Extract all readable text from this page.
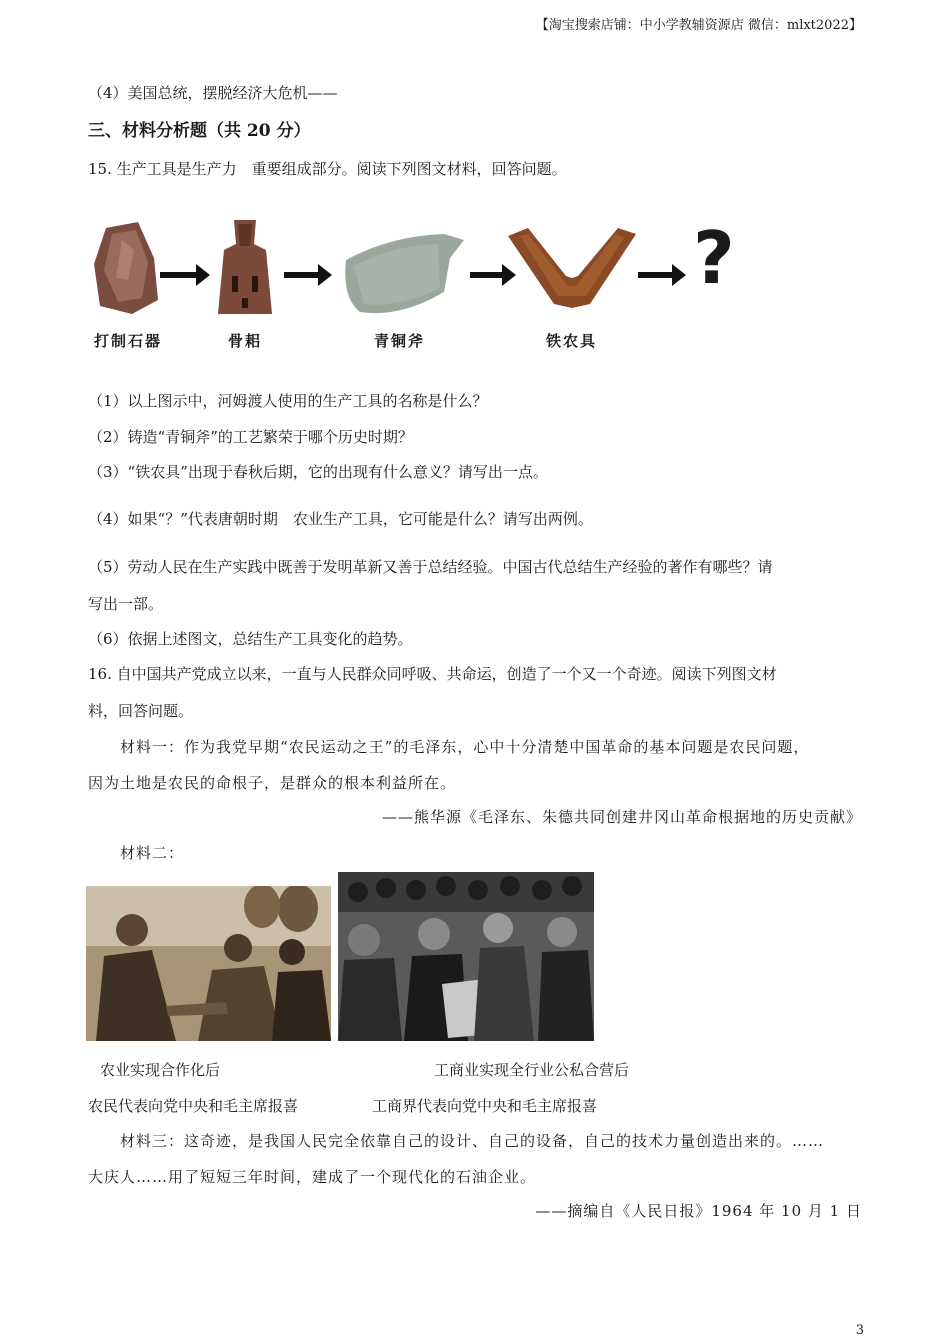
【淘宝搜索店铺：中小学教辅资源店 微信：mlxt2022】
（4）美国总统，摆脱经济大危机——
三、材料分析题（共 20 分）
15. 生产工具是生产力　重要组成部分。阅读下列图文材料，回答问题。
?
打制石器	骨耜	青铜斧	铁农具
（1）以上图示中，河姆渡人使用的生产工具的名称是什么？
（2）铸造“青铜斧”的工艺繁荣于哪个历史时期？
（3）“铁农具”出现于春秋后期，它的出现有什么意义？请写出一点。
（4）如果“？”代表唐朝时期　农业生产工具，它可能是什么？请写出两例。
（5）劳动人民在生产实践中既善于发明革新又善于总结经验。中国古代总结生产经验的著作有哪些？请
写出一部。
（6）依据上述图文，总结生产工具变化的趋势。
16. 自中国共产党成立以来，一直与人民群众同呼吸、共命运，创造了一个又一个奇迹。阅读下列图文材
料，回答问题。
材料一：作为我党早期“农民运动之王”的毛泽东，心中十分清楚中国革命的基本问题是农民问题，
因为土地是农民的命根子，是群众的根本利益所在。
——熊华源《毛泽东、朱德共同创建井冈山革命根据地的历史贡献》
材料二：
农业实现合作化后	工商业实现全行业公私合营后
农民代表向党中央和毛主席报喜	工商界代表向党中央和毛主席报喜
材料三：这奇迹，是我国人民完全依靠自己的设计、自己的设备，自己的技术力量创造出来的。……
大庆人……用了短短三年时间，建成了一个现代化的石油企业。
——摘编自《人民日报》1964 年 10 月 1 日
3
